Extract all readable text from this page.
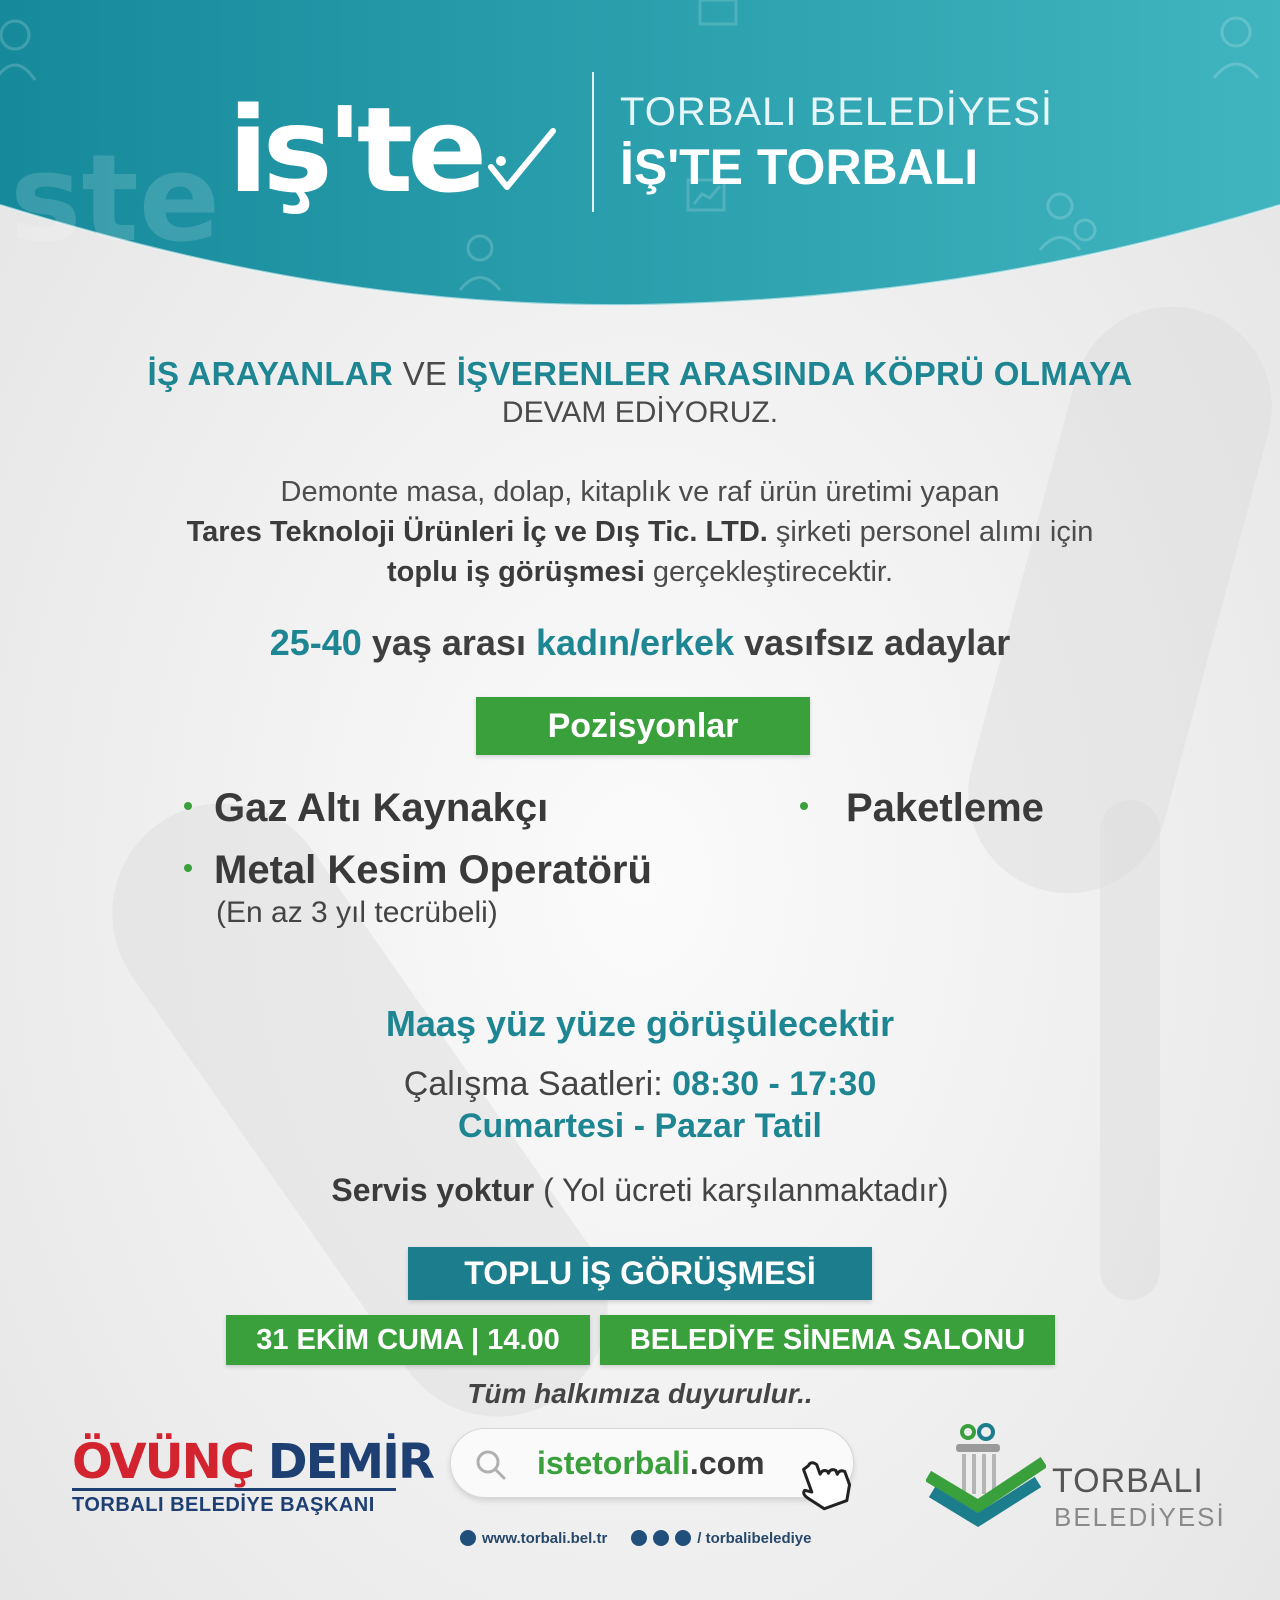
ste iş'te	TORBALI BELEDİYESİ
İŞ'TE TORBALI
İŞ ARAYANLAR VE İŞVERENLER ARASINDA KÖPRÜ OLMAYA
DEVAM EDİYORUZ.
Demonte masa, dolap, kitaplık ve raf ürün üretimi yapan
Tares Teknoloji Ürünleri İç ve Dış Tic. LTD. şirketi personel alımı için
toplu iş görüşmesi gerçekleştirecektir.
25-40 yaş arası kadın/erkek vasıfsız adaylar
Pozisyonlar
Gaz Altı Kaynakçı	Paketleme
Metal Kesim Operatörü
(En az 3 yıl tecrübeli)
Maaş yüz yüze görüşülecektir
Çalışma Saatleri: 08:30 - 17:30
Cumartesi - Pazar Tatil
Servis yoktur ( Yol ücreti karşılanmaktadır)
TOPLU İŞ GÖRÜŞMESİ
31 EKİM CUMA | 14.00	BELEDİYE SİNEMA SALONU
Tüm halkımıza duyurulur..
istetorbali.com
www.torbali.bel.tr	/ torbalibelediye
ÖVÜNÇ DEMİR
TORBALI BELEDİYE BAŞKANI
TORBALI
BELEDİYESİ
